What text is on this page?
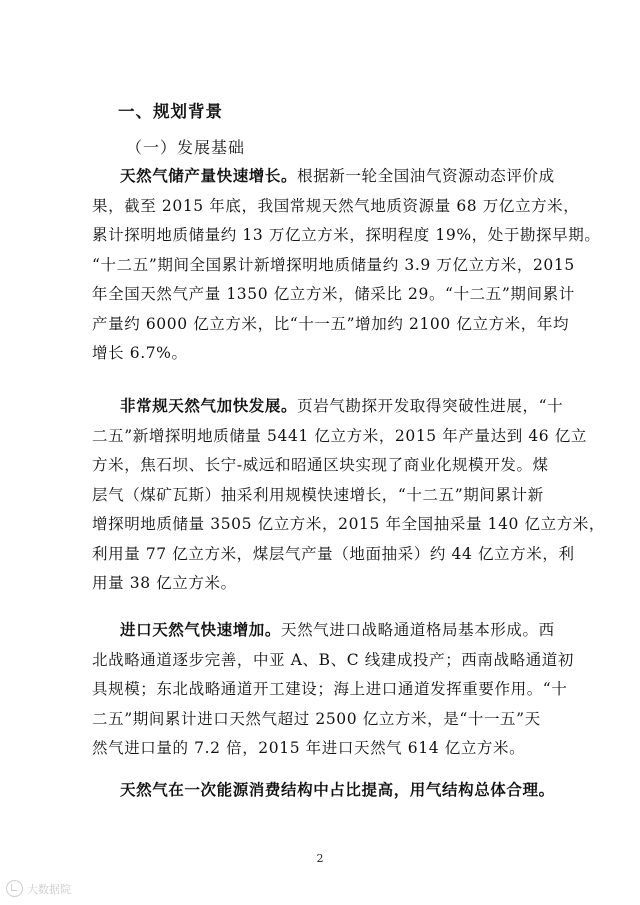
一、规划背景
（一）发展基础

天然气储产量快速增长。根据新一轮全国油气资源动态评价成
果，截至 2015 年底，我国常规天然气地质资源量 68 万亿立方米，
累计探明地质储量约 13 万亿立方米，探明程度 19%，处于勘探早期。
“十二五”期间全国累计新增探明地质储量约 3.9 万亿立方米，2015
年全国天然气产量 1350 亿立方米，储采比 29。“十二五”期间累计
产量约 6000 亿立方米，比“十一五”增加约 2100 亿立方米，年均
增长 6.7%。

非常规天然气加快发展。页岩气勘探开发取得突破性进展，“十
二五”新增探明地质储量 5441 亿立方米，2015 年产量达到 46 亿立
方米，焦石坝、长宁-威远和昭通区块实现了商业化规模开发。煤
层气（煤矿瓦斯）抽采利用规模快速增长，“十二五”期间累计新
增探明地质储量 3505 亿立方米，2015 年全国抽采量 140 亿立方米，
利用量 77 亿立方米，煤层气产量（地面抽采）约 44 亿立方米，利
用量 38 亿立方米。

进口天然气快速增加。天然气进口战略通道格局基本形成。西
北战略通道逐步完善，中亚 A、B、C 线建成投产；西南战略通道初
具规模；东北战略通道开工建设；海上进口通道发挥重要作用。“十
二五”期间累计进口天然气超过 2500 亿立方米，是“十一五”天
然气进口量的 7.2 倍，2015 年进口天然气 614 亿立方米。

天然气在一次能源消费结构中占比提高，用气结构总体合理。

2
大数据院
